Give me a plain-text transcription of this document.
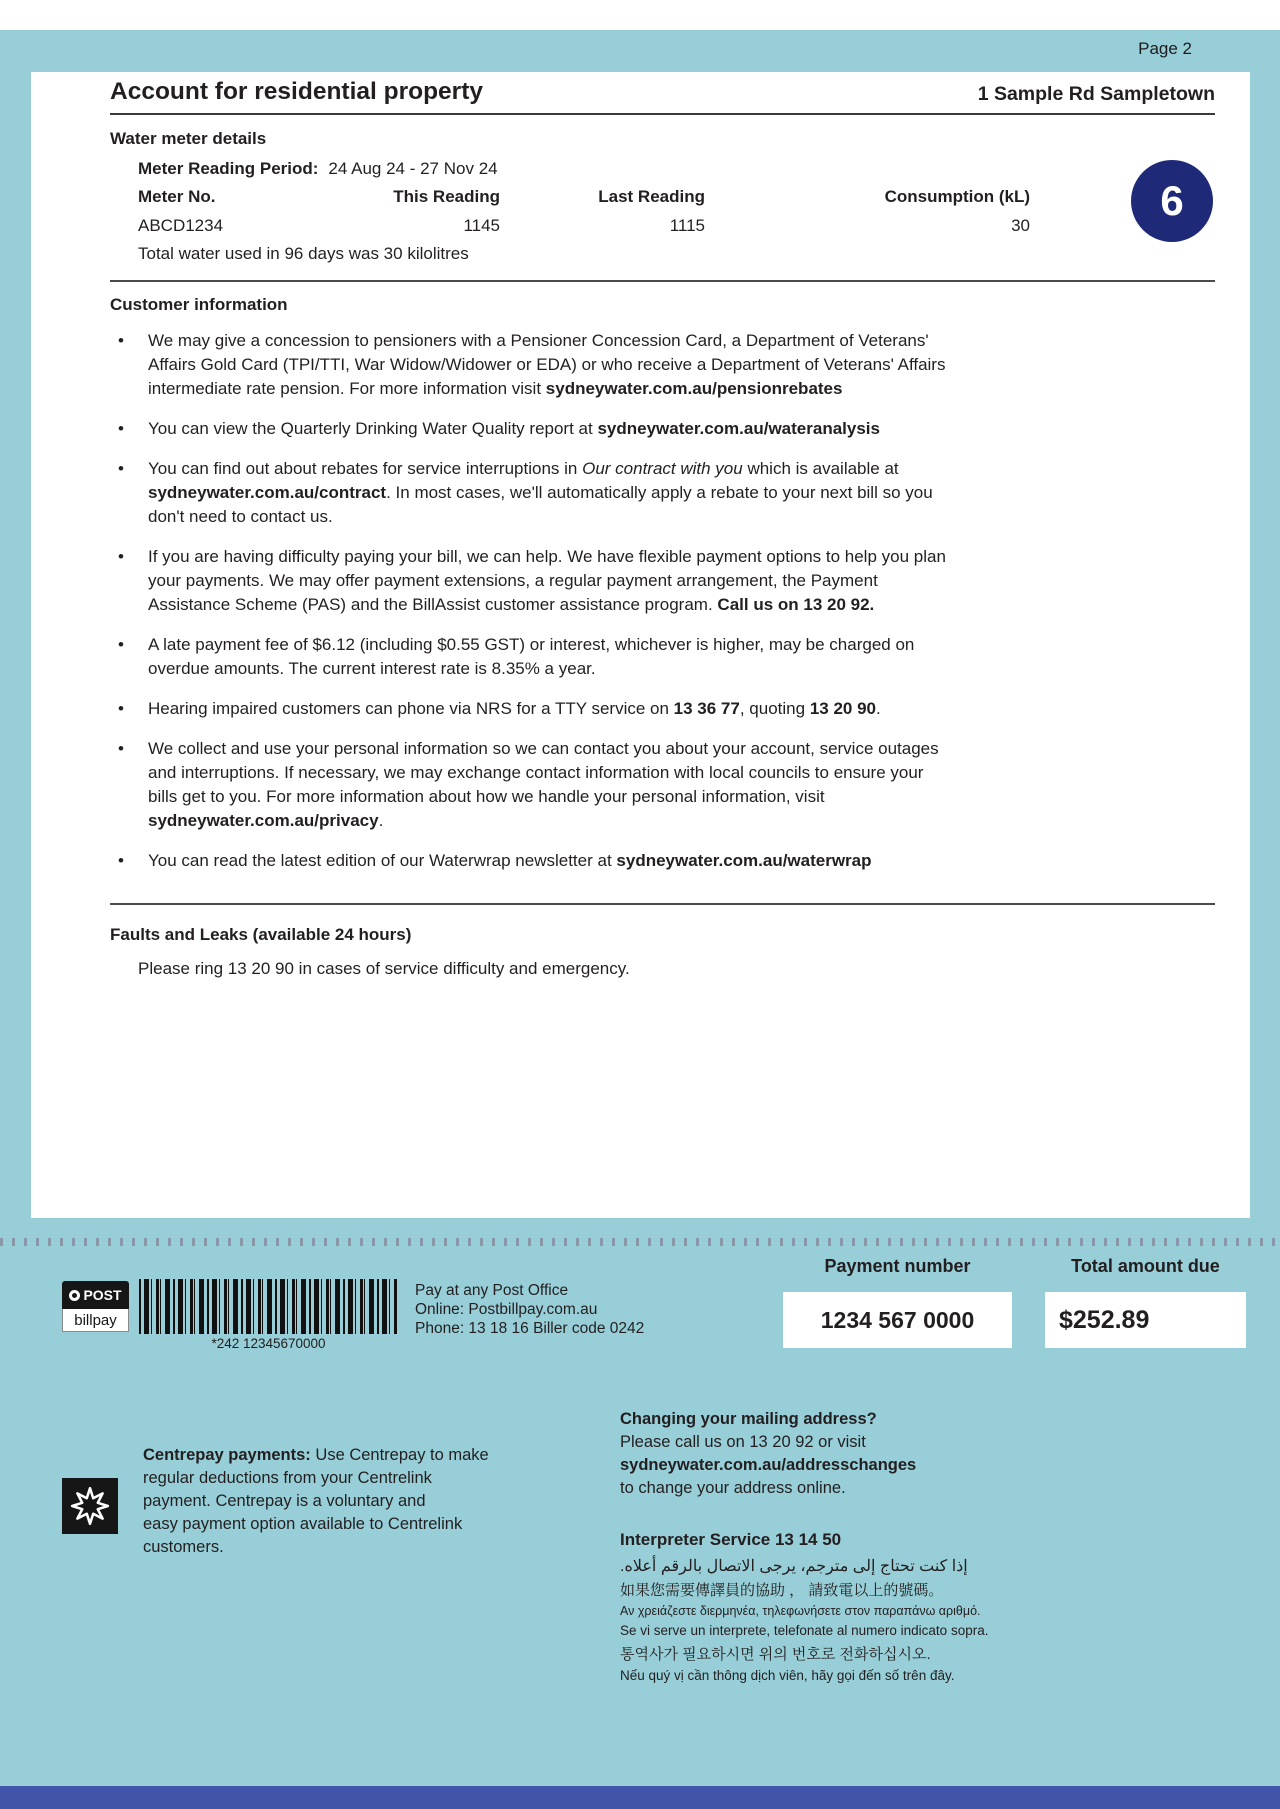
Page 2
6
Account for residential property	1 Sample Rd Sampletown
Water meter details
Meter Reading Period: 24 Aug 24 - 27 Nov 24
Meter No.	This Reading	Last Reading	Consumption (kL)
ABCD1234	1145	1115	30
Total water used in 96 days was 30 kilolitres
Customer information
• We may give a concession to pensioners with a Pensioner Concession Card, a Department of Veterans' Affairs Gold Card (TPI/TTI, War Widow/Widower or EDA) or who receive a Department of Veterans' Affairs intermediate rate pension. For more information visit sydneywater.com.au/pensionrebates
• You can view the Quarterly Drinking Water Quality report at sydneywater.com.au/wateranalysis
• You can find out about rebates for service interruptions in Our contract with you which is available at sydneywater.com.au/contract. In most cases, we'll automatically apply a rebate to your next bill so you don't need to contact us.
• If you are having difficulty paying your bill, we can help. We have flexible payment options to help you plan your payments. We may offer payment extensions, a regular payment arrangement, the Payment Assistance Scheme (PAS) and the BillAssist customer assistance program. Call us on 13 20 92.
• A late payment fee of $6.12 (including $0.55 GST) or interest, whichever is higher, may be charged on overdue amounts. The current interest rate is 8.35% a year.
• Hearing impaired customers can phone via NRS for a TTY service on 13 36 77, quoting 13 20 90.
• We collect and use your personal information so we can contact you about your account, service outages and interruptions. If necessary, we may exchange contact information with local councils to ensure your bills get to you. For more information about how we handle your personal information, visit sydneywater.com.au/privacy.
• You can read the latest edition of our Waterwrap newsletter at sydneywater.com.au/waterwrap
Faults and Leaks (available 24 hours)
Please ring 13 20 90 in cases of service difficulty and emergency.
POST
billpay
*242 12345670000
Pay at any Post Office
Online: Postbillpay.com.au
Phone: 13 18 16 Biller code 0242
Payment number
1234 567 0000
Total amount due
$252.89
Centrepay payments: Use Centrepay to make
regular deductions from your Centrelink
payment. Centrepay is a voluntary and
easy payment option available to Centrelink
customers.
Changing your mailing address?
Please call us on 13 20 92 or visit
sydneywater.com.au/addresschanges
to change your address online.
Interpreter Service 13 14 50
إذا كنت تحتاج إلى مترجم، يرجى الاتصال بالرقم أعلاه.
如果您需要傳譯員的協助 ， 請致電以上的號碼。
Αν χρειάζεστε διερμηνέα, τηλεφωνήσετε στον παραπάνω αριθμό.
Se vi serve un interprete, telefonate al numero indicato sopra.
통역사가 필요하시면 위의 번호로 전화하십시오.
Nếu quý vị cần thông dịch viên, hãy gọi đến số trên đây.
